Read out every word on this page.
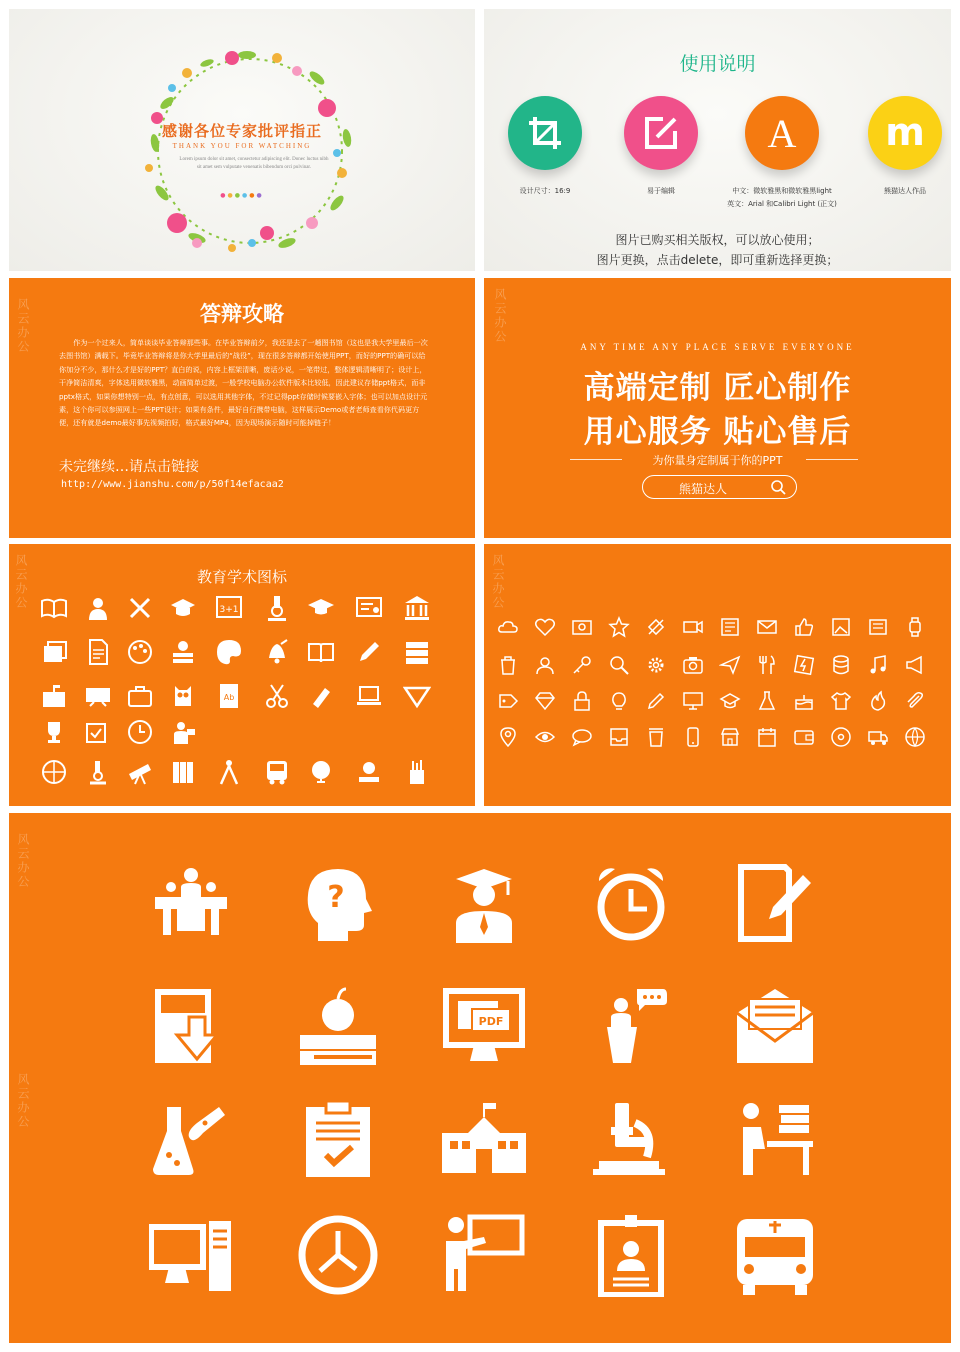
感谢各位专家批评指正
THANK YOU FOR WATCHING
Lorem ipsum dolor sit amet, consectetur adipiscing elit. Donec luctus nibh sit amet sem vulputate venenatis bibendum orci pulvinar.
●●●●●●
使用说明
设计尺寸：16:9	易于编辑
A
中文：微软雅黑和微软雅黑light
英文：Arial 和Calibri Light (正文)
m
熊猫达人作品
图片已购买相关版权，可以放心使用；
图片更换，点击delete，即可重新选择更换；
风云办公	答辩攻略
作为一个过来人，简单谈谈毕业答辩那些事。在毕业答辩前夕，我还是去了一趟图书馆（这也是我大学里最后一次去图书馆）满载下。毕竟毕业答辩将是你大学里最后的“战役”，现在很多答辩都开始使用PPT，而好的PPT的确可以给你加分不少，那什么才是好的PPT？直白的说，内容上框架清晰，废话少说，一笔带过，整体逻辑清晰明了；设计上，干净简洁清爽，字体选用微软雅黑，动画简单过渡，一般学校电脑办公软件版本比较低，因此建议存储ppt格式，而非pptx格式，如果你想特别一点，有点创意，可以选用其他字体，不过记得ppt存储时候要嵌入字体；也可以加点设计元素，这个你可以参照网上一些PPT设计；如果有条件，最好自行携带电脑，这样展示Demo或者老师查看你代码更方便，还有就是demo最好事先视频拍好，格式最好MP4，因为现场演示随时可能掉链子！
未完继续…请点击链接
http://www.jianshu.com/p/50f14efacaa2
风云办公
ANY TIME ANY PLACE SERVE EVERYONE
高端定制 匠心制作
用心服务 贴心售后
为你量身定制属于你的PPT
熊猫达人
风云办公	教育学术图标
3+1
Ab
风云办公
风云办公
风云办公
?
PDF
